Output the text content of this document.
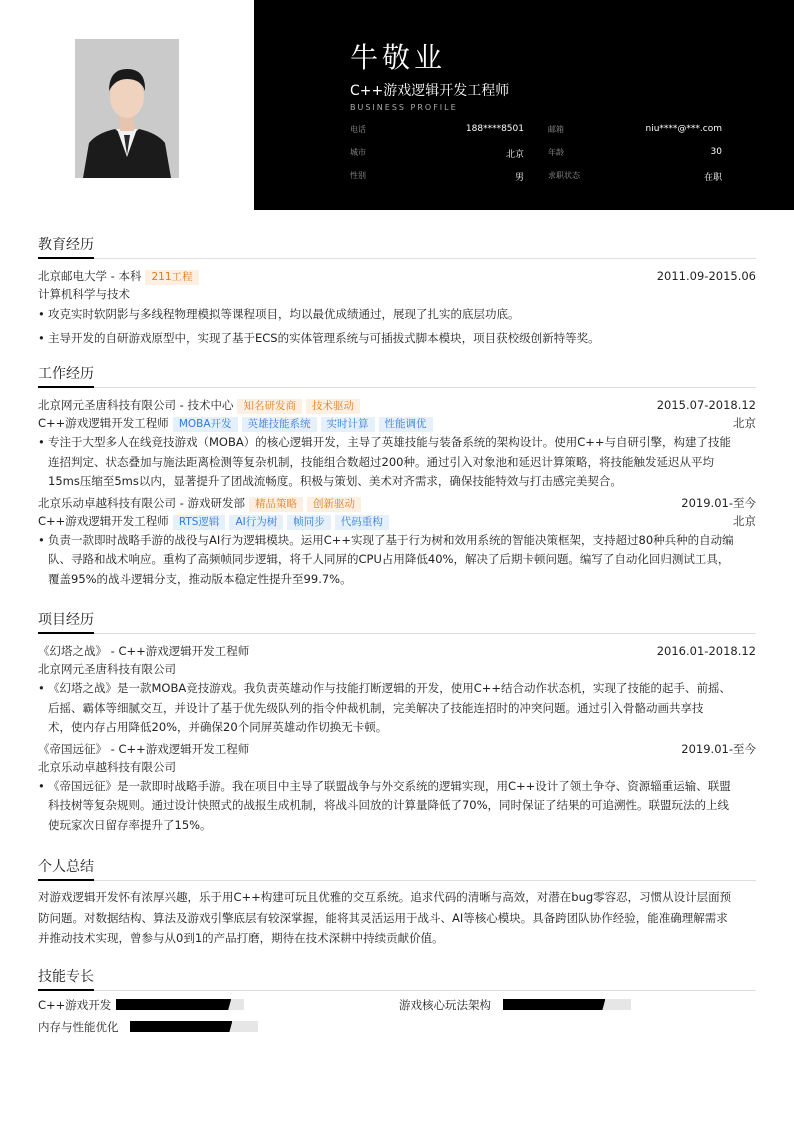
牛敬业
C++游戏逻辑开发工程师
BUSINESS PROFILE
电话	188****8501	邮箱	niu****@***.com
城市	北京	年龄	30
性别	男	求职状态	在职
教育经历
北京邮电大学 - 本科 211工程	2011.09-2015.06
计算机科学与技术
• 攻克实时软阴影与多线程物理模拟等课程项目，均以最优成绩通过，展现了扎实的底层功底。
• 主导开发的自研游戏原型中，实现了基于ECS的实体管理系统与可插拔式脚本模块，项目获校级创新特等奖。
工作经历
北京网元圣唐科技有限公司 - 技术中心 知名研发商 技术驱动	2015.07-2018.12
C++游戏逻辑开发工程师 MOBA开发 英雄技能系统 实时计算 性能调优	北京
• 专注于大型多人在线竞技游戏（MOBA）的核心逻辑开发，主导了英雄技能与装备系统的架构设计。使用C++与自研引擎，构建了技能
连招判定、状态叠加与施法距离检测等复杂机制，技能组合数超过200种。通过引入对象池和延迟计算策略，将技能触发延迟从平均
15ms压缩至5ms以内，显著提升了团战流畅度。积极与策划、美术对齐需求，确保技能特效与打击感完美契合。
北京乐动卓越科技有限公司 - 游戏研发部 精品策略 创新驱动	2019.01-至今
C++游戏逻辑开发工程师 RTS逻辑 AI行为树 帧同步 代码重构	北京
• 负责一款即时战略手游的战役与AI行为逻辑模块。运用C++实现了基于行为树和效用系统的智能决策框架，支持超过80种兵种的自动编
队、寻路和战术响应。重构了高频帧同步逻辑，将千人同屏的CPU占用降低40%，解决了后期卡顿问题。编写了自动化回归测试工具，
覆盖95%的战斗逻辑分支，推动版本稳定性提升至99.7%。
项目经历
《幻塔之战》 - C++游戏逻辑开发工程师	2016.01-2018.12
北京网元圣唐科技有限公司
• 《幻塔之战》是一款MOBA竞技游戏。我负责英雄动作与技能打断逻辑的开发，使用C++结合动作状态机，实现了技能的起手、前摇、
后摇、霸体等细腻交互，并设计了基于优先级队列的指令仲裁机制，完美解决了技能连招时的冲突问题。通过引入骨骼动画共享技
术，使内存占用降低20%，并确保20个同屏英雄动作切换无卡顿。
《帝国远征》 - C++游戏逻辑开发工程师	2019.01-至今
北京乐动卓越科技有限公司
• 《帝国远征》是一款即时战略手游。我在项目中主导了联盟战争与外交系统的逻辑实现，用C++设计了领土争夺、资源辎重运输、联盟
科技树等复杂规则。通过设计快照式的战报生成机制，将战斗回放的计算量降低了70%，同时保证了结果的可追溯性。联盟玩法的上线
使玩家次日留存率提升了15%。
个人总结
对游戏逻辑开发怀有浓厚兴趣，乐于用C++构建可玩且优雅的交互系统。追求代码的清晰与高效，对潜在bug零容忍，习惯从设计层面预
防问题。对数据结构、算法及游戏引擎底层有较深掌握，能将其灵活运用于战斗、AI等核心模块。具备跨团队协作经验，能准确理解需求
并推动技术实现，曾参与从0到1的产品打磨，期待在技术深耕中持续贡献价值。
技能专长
C++游戏开发	游戏核心玩法架构
内存与性能优化
